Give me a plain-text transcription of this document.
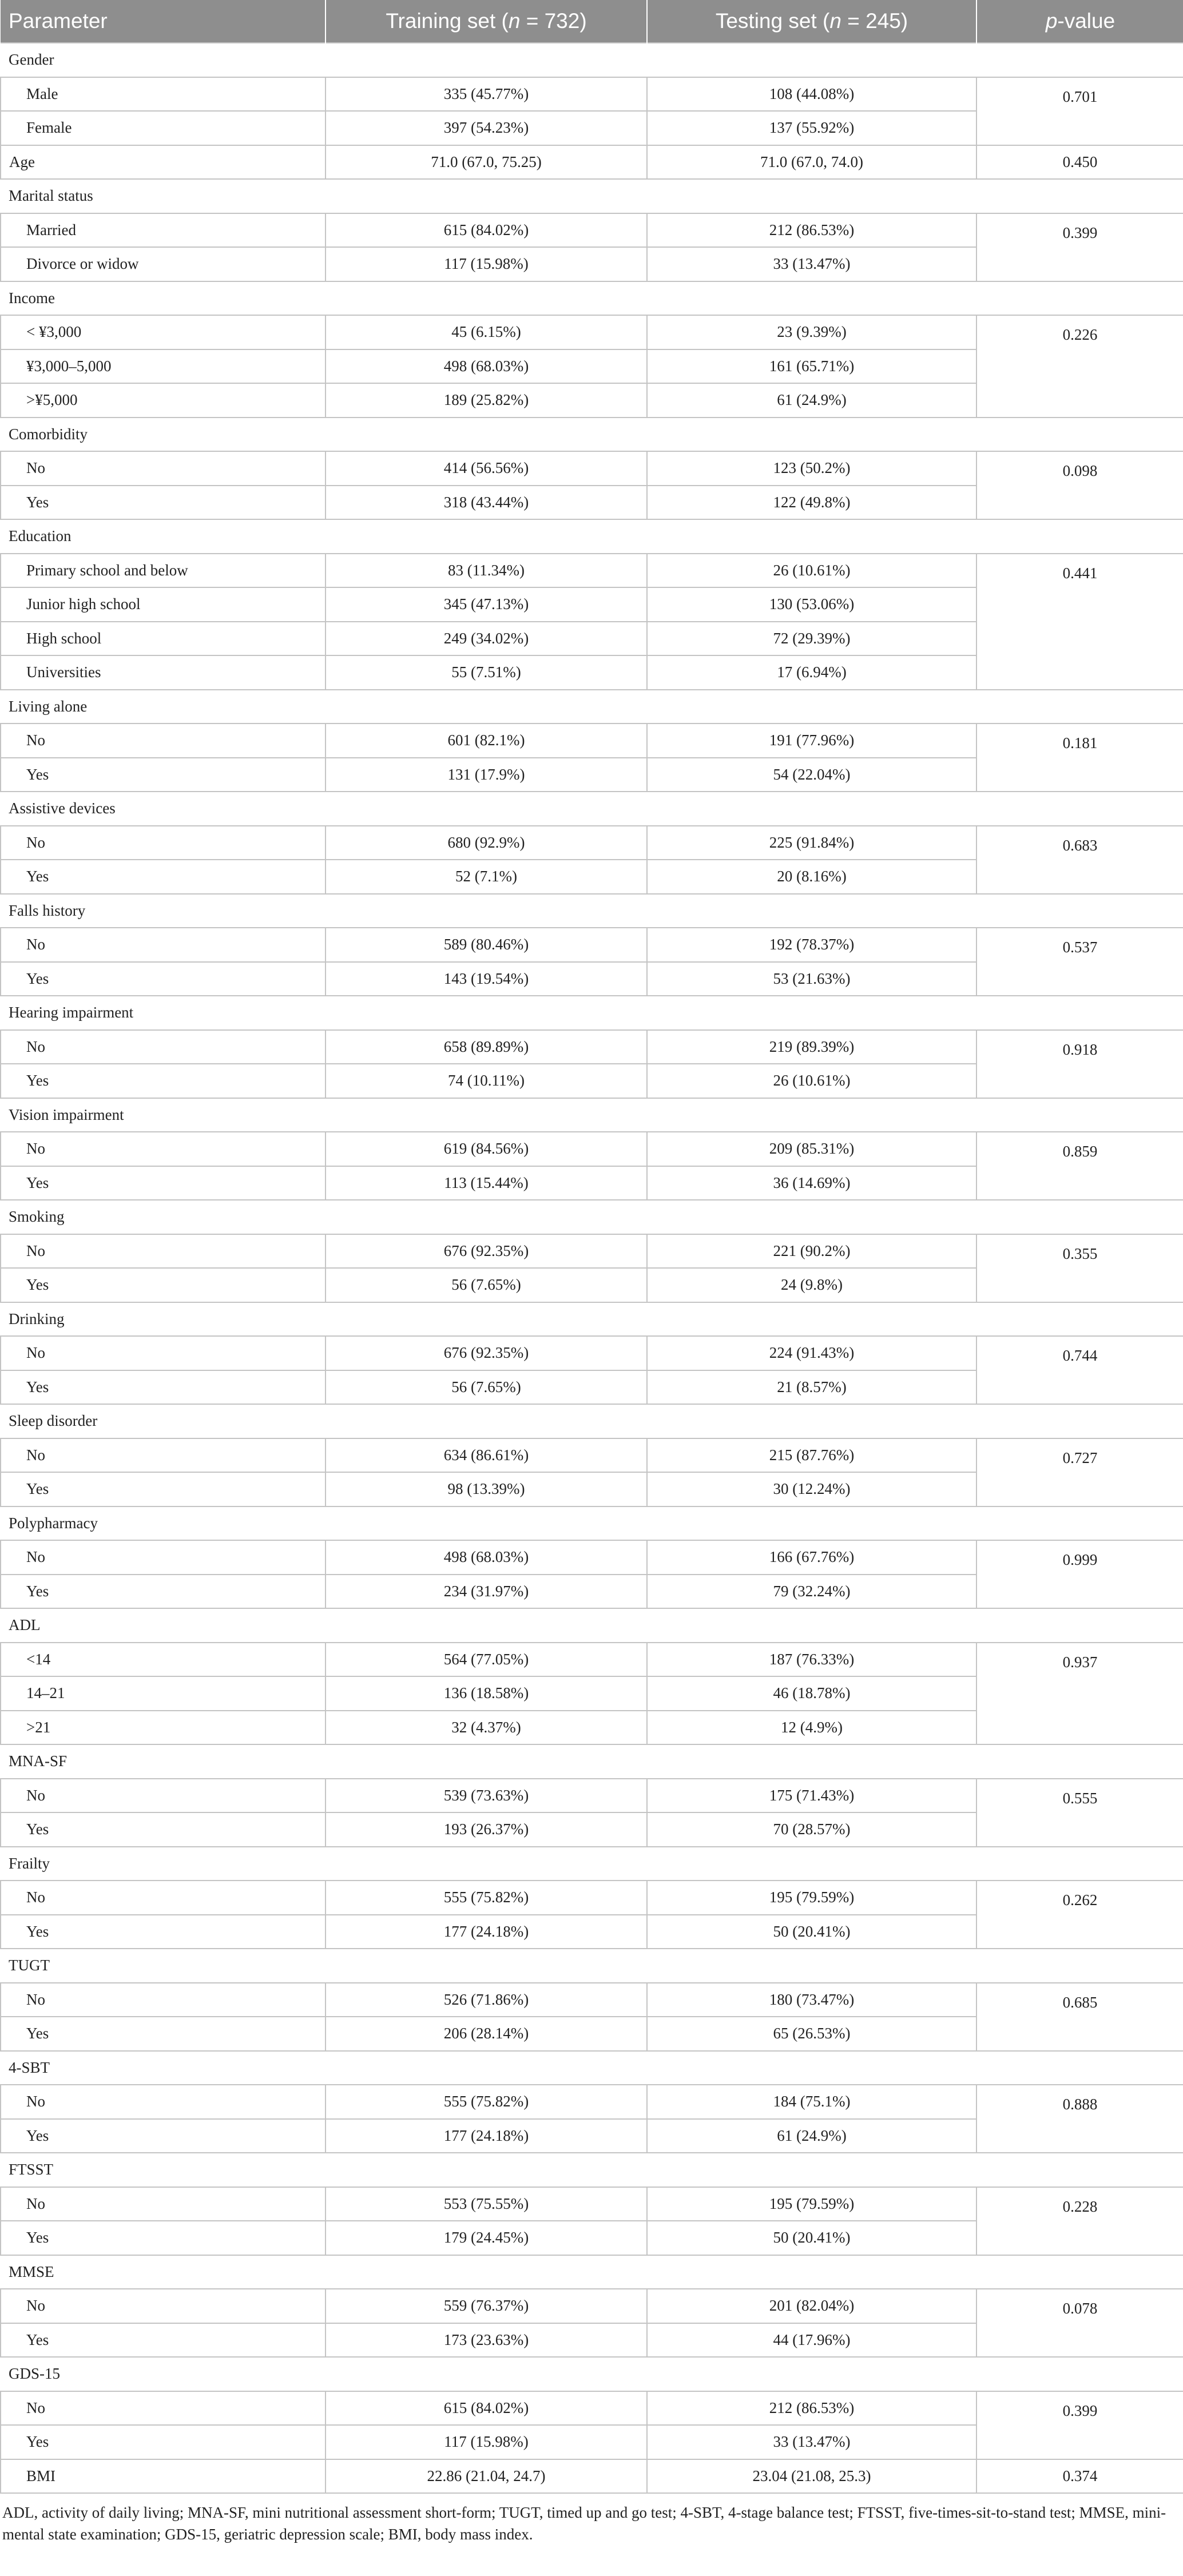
Parameter	Training set (n = 732)	Testing set (n = 245)	p-value
Gender			
Male	335 (45.77%)	108 (44.08%)	0.701
Female	397 (54.23%)	137 (55.92%)	
Age	71.0 (67.0, 75.25)	71.0 (67.0, 74.0)	0.450
Marital status			
Married	615 (84.02%)	212 (86.53%)	0.399
Divorce or widow	117 (15.98%)	33 (13.47%)	
Income			
< ¥3,000	45 (6.15%)	23 (9.39%)	0.226
¥3,000–5,000	498 (68.03%)	161 (65.71%)	
>¥5,000	189 (25.82%)	61 (24.9%)	
Comorbidity			
No	414 (56.56%)	123 (50.2%)	0.098
Yes	318 (43.44%)	122 (49.8%)	
Education			
Primary school and below	83 (11.34%)	26 (10.61%)	0.441
Junior high school	345 (47.13%)	130 (53.06%)	
High school	249 (34.02%)	72 (29.39%)	
Universities	55 (7.51%)	17 (6.94%)	
Living alone			
No	601 (82.1%)	191 (77.96%)	0.181
Yes	131 (17.9%)	54 (22.04%)	
Assistive devices			
No	680 (92.9%)	225 (91.84%)	0.683
Yes	52 (7.1%)	20 (8.16%)	
Falls history			
No	589 (80.46%)	192 (78.37%)	0.537
Yes	143 (19.54%)	53 (21.63%)	
Hearing impairment			
No	658 (89.89%)	219 (89.39%)	0.918
Yes	74 (10.11%)	26 (10.61%)	
Vision impairment			
No	619 (84.56%)	209 (85.31%)	0.859
Yes	113 (15.44%)	36 (14.69%)	
Smoking			
No	676 (92.35%)	221 (90.2%)	0.355
Yes	56 (7.65%)	24 (9.8%)	
Drinking			
No	676 (92.35%)	224 (91.43%)	0.744
Yes	56 (7.65%)	21 (8.57%)	
Sleep disorder			
No	634 (86.61%)	215 (87.76%)	0.727
Yes	98 (13.39%)	30 (12.24%)	
Polypharmacy			
No	498 (68.03%)	166 (67.76%)	0.999
Yes	234 (31.97%)	79 (32.24%)	
ADL			
<14	564 (77.05%)	187 (76.33%)	0.937
14–21	136 (18.58%)	46 (18.78%)	
>21	32 (4.37%)	12 (4.9%)	
MNA-SF			
No	539 (73.63%)	175 (71.43%)	0.555
Yes	193 (26.37%)	70 (28.57%)	
Frailty			
No	555 (75.82%)	195 (79.59%)	0.262
Yes	177 (24.18%)	50 (20.41%)	
TUGT			
No	526 (71.86%)	180 (73.47%)	0.685
Yes	206 (28.14%)	65 (26.53%)	
4-SBT			
No	555 (75.82%)	184 (75.1%)	0.888
Yes	177 (24.18%)	61 (24.9%)	
FTSST			
No	553 (75.55%)	195 (79.59%)	0.228
Yes	179 (24.45%)	50 (20.41%)	
MMSE			
No	559 (76.37%)	201 (82.04%)	0.078
Yes	173 (23.63%)	44 (17.96%)	
GDS-15			
No	615 (84.02%)	212 (86.53%)	0.399
Yes	117 (15.98%)	33 (13.47%)	
BMI	22.86 (21.04, 24.7)	23.04 (21.08, 25.3)	0.374
ADL, activity of daily living; MNA-SF, mini nutritional assessment short-form; TUGT, timed up and go test; 4-SBT, 4-stage balance test; FTSST, five-times-sit-to-stand test; MMSE, mini-mental state examination; GDS-15, geriatric depression scale; BMI, body mass index.
